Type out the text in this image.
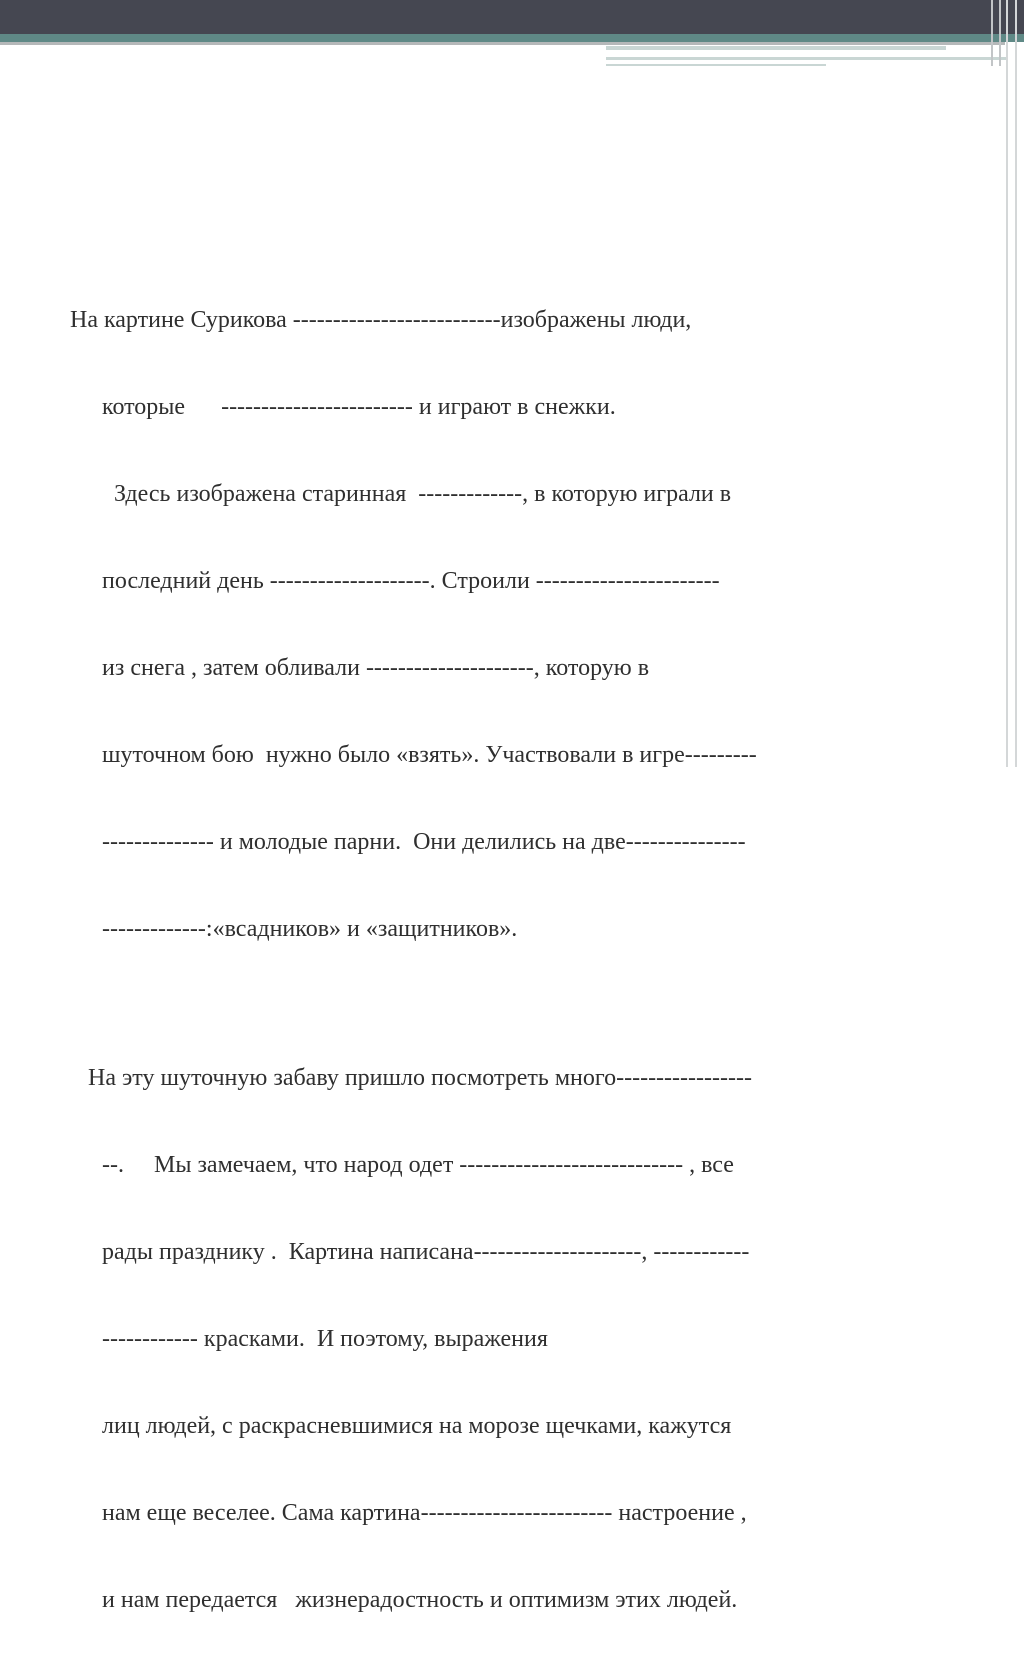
На картине Сурикова --------------------------изображены люди,

которые      ------------------------ и играют в снежки.

Здесь изображена старинная  -------------, в которую играли в

последний день --------------------. Строили -----------------------

из снега , затем обливали ---------------------, которую в

шуточном бою  нужно было «взять». Участвовали в игре---------

-------------- и молодые парни.  Они делились на две---------------

-------------:«всадников» и «защитников».

На эту шуточную забаву пришло посмотреть много-----------------

--.     Мы замечаем, что народ одет ---------------------------- , все

рады празднику .  Картина написана---------------------, ------------

------------ красками.  И поэтому, выражения

лиц людей, с раскрасневшимися на морозе щечками, кажутся

нам еще веселее. Сама картина------------------------ настроение ,

и нам передается   жизнерадостность и оптимизм этих людей.
